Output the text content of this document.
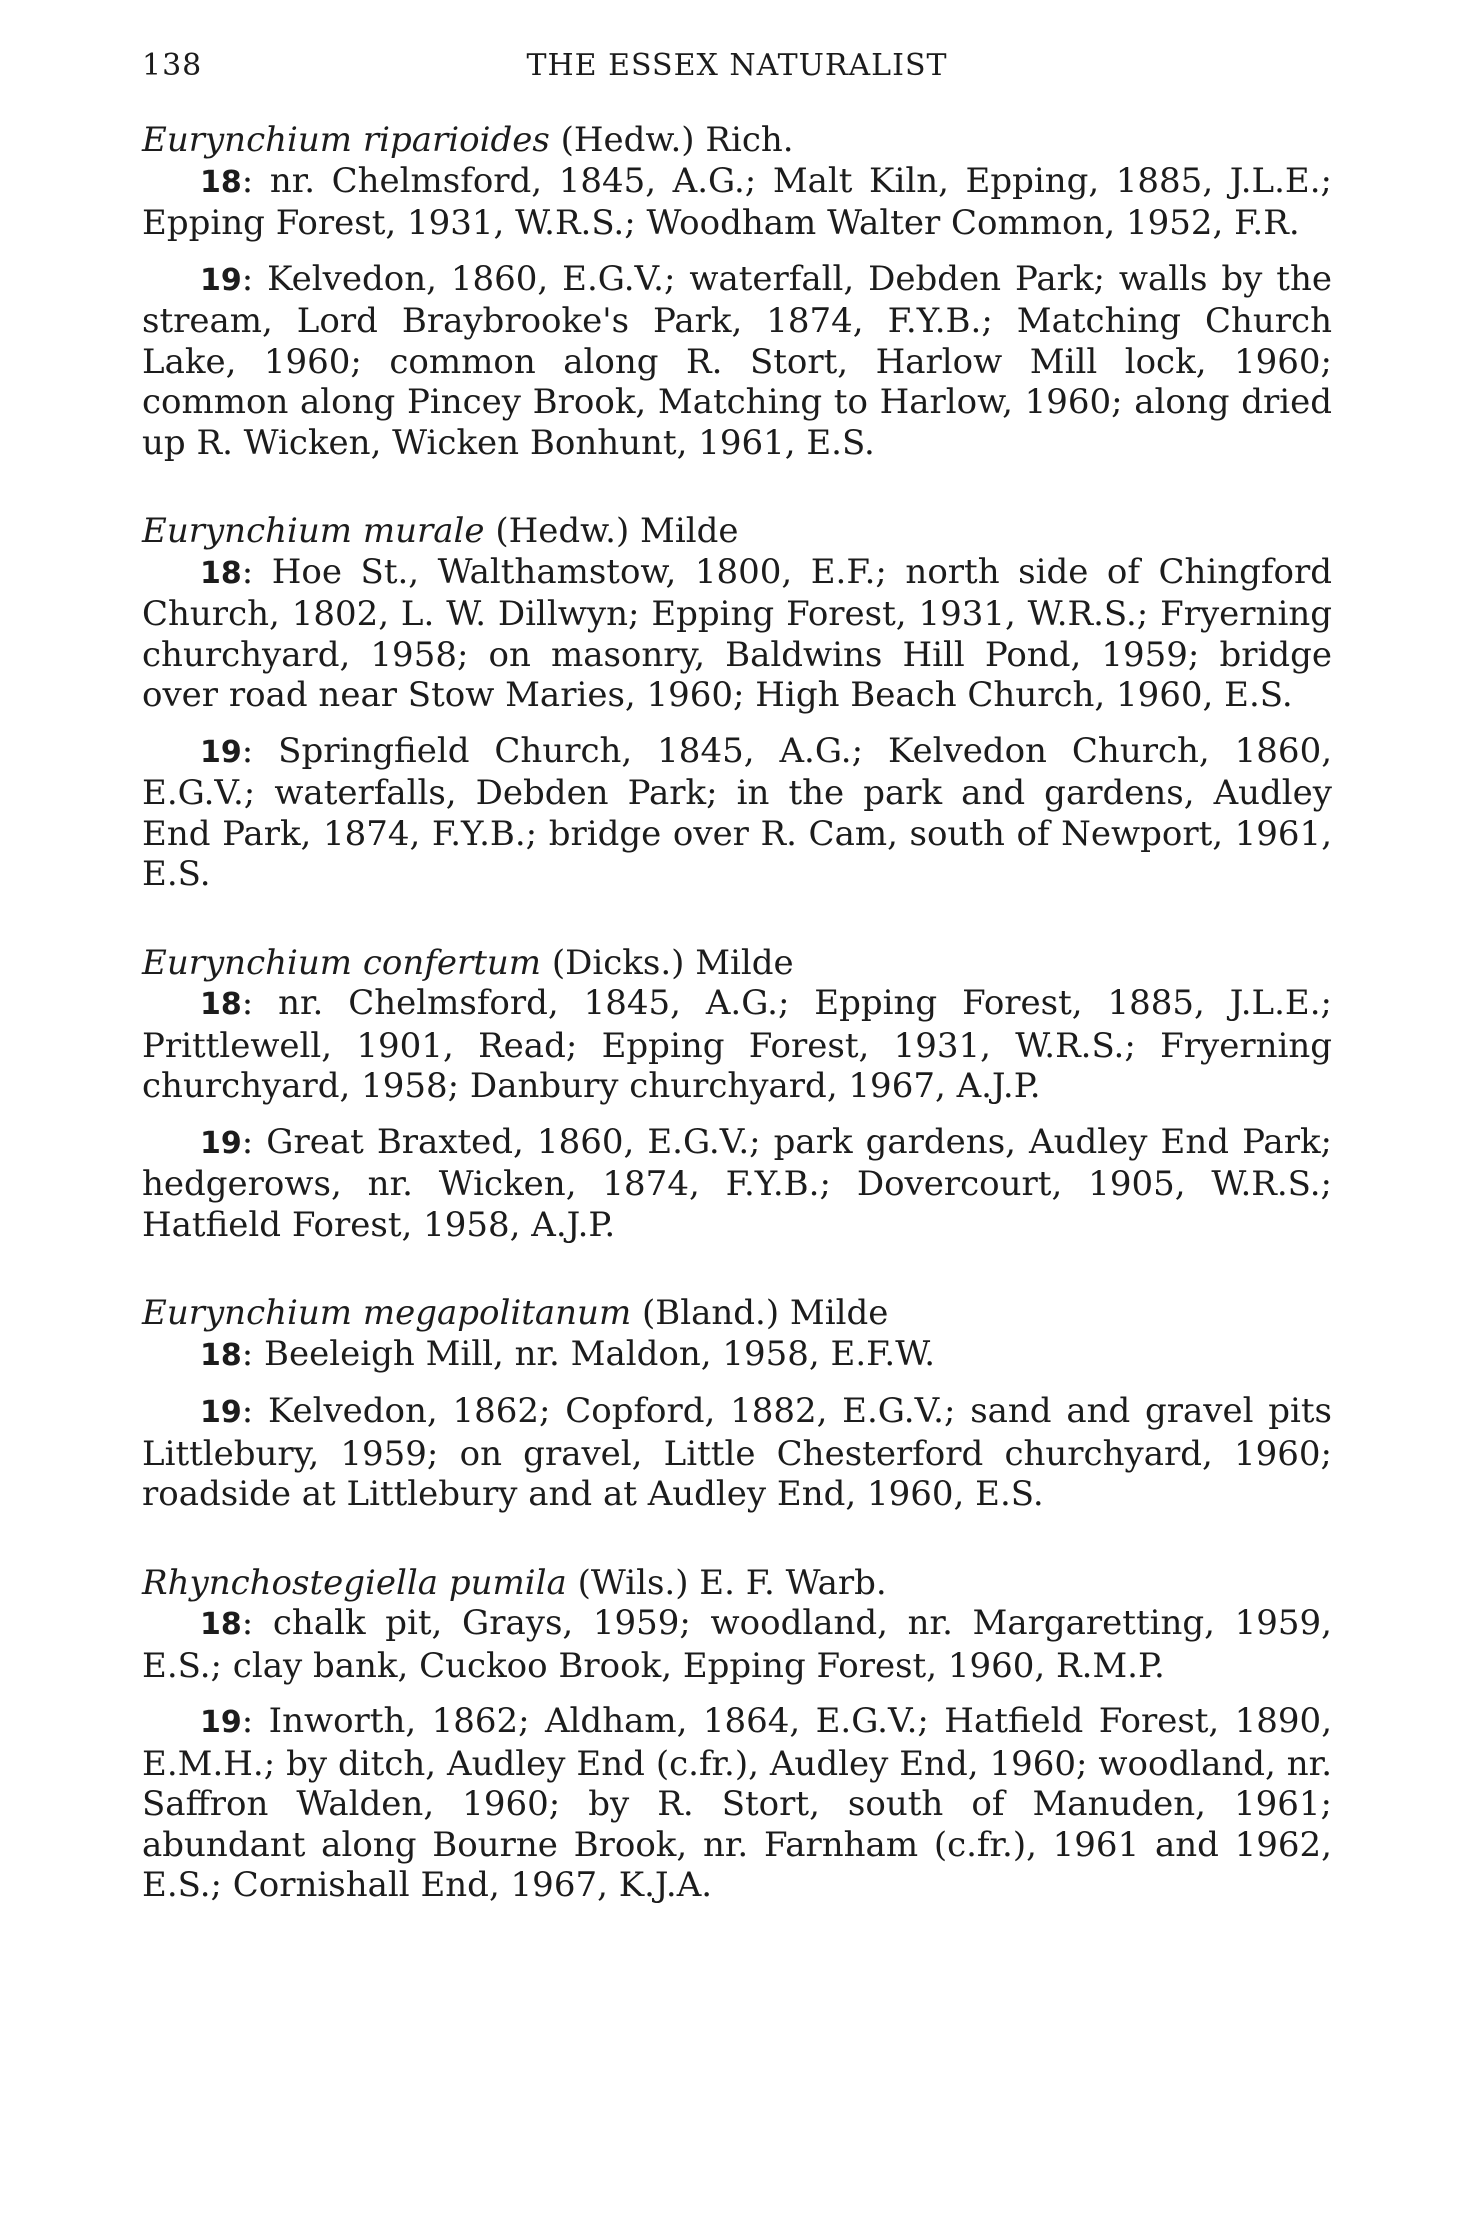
138	THE ESSEX NATURALIST

Eurynchium riparioides (Hedw.) Rich.

18: nr. Chelmsford, 1845, A.G.; Malt Kiln, Epping, 1885, J.L.E.; Epping Forest, 1931, W.R.S.; Woodham Walter Common, 1952, F.R.

19: Kelvedon, 1860, E.G.V.; waterfall, Debden Park; walls by the stream, Lord Braybrooke's Park, 1874, F.Y.B.; Matching Church Lake, 1960; common along R. Stort, Harlow Mill lock, 1960; common along Pincey Brook, Matching to Harlow, 1960; along dried up R. Wicken, Wicken Bonhunt, 1961, E.S.

Eurynchium murale (Hedw.) Milde

18: Hoe St., Walthamstow, 1800, E.F.; north side of Chingford Church, 1802, L. W. Dillwyn; Epping Forest, 1931, W.R.S.; Fryerning churchyard, 1958; on masonry, Baldwins Hill Pond, 1959; bridge over road near Stow Maries, 1960; High Beach Church, 1960, E.S.

19: Springfield Church, 1845, A.G.; Kelvedon Church, 1860, E.G.V.; waterfalls, Debden Park; in the park and gardens, Audley End Park, 1874, F.Y.B.; bridge over R. Cam, south of Newport, 1961, E.S.

Eurynchium confertum (Dicks.) Milde

18: nr. Chelmsford, 1845, A.G.; Epping Forest, 1885, J.L.E.; Prittlewell, 1901, Read; Epping Forest, 1931, W.R.S.; Fryerning churchyard, 1958; Danbury churchyard, 1967, A.J.P.

19: Great Braxted, 1860, E.G.V.; park gardens, Audley End Park; hedgerows, nr. Wicken, 1874, F.Y.B.; Dovercourt, 1905, W.R.S.; Hatfield Forest, 1958, A.J.P.

Eurynchium megapolitanum (Bland.) Milde

18: Beeleigh Mill, nr. Maldon, 1958, E.F.W.

19: Kelvedon, 1862; Copford, 1882, E.G.V.; sand and gravel pits Littlebury, 1959; on gravel, Little Chesterford churchyard, 1960; roadside at Littlebury and at Audley End, 1960, E.S.

Rhynchostegiella pumila (Wils.) E. F. Warb.

18: chalk pit, Grays, 1959; woodland, nr. Margaretting, 1959, E.S.; clay bank, Cuckoo Brook, Epping Forest, 1960, R.M.P.

19: Inworth, 1862; Aldham, 1864, E.G.V.; Hatfield Forest, 1890, E.M.H.; by ditch, Audley End (c.fr.), Audley End, 1960; woodland, nr. Saffron Walden, 1960; by R. Stort, south of Manuden, 1961; abundant along Bourne Brook, nr. Farnham (c.fr.), 1961 and 1962, E.S.; Cornishall End, 1967, K.J.A.
